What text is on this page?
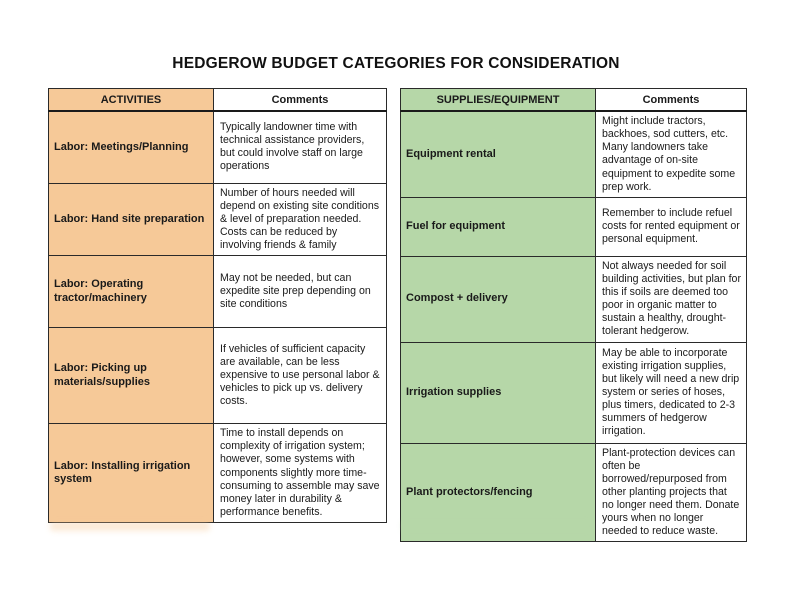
HEDGEROW BUDGET CATEGORIES FOR CONSIDERATION
ACTIVITIES	Comments
Labor: Meetings/Planning	Typically landowner time with technical assistance providers, but could involve staff on large operations
Labor: Hand site preparation	Number of hours needed will depend on existing site conditions & level of preparation needed. Costs can be reduced by involving friends & family
Labor: Operating tractor/machinery	May not be needed, but can expedite site prep depending on site conditions
Labor: Picking up materials/supplies	If vehicles of sufficient capacity are available, can be less expensive to use personal labor & vehicles to pick up vs. delivery costs.
Labor: Installing irrigation system	Time to install depends on complexity of irrigation system; however, some systems with components slightly more time-consuming to assemble may save money later in durability & performance benefits.
SUPPLIES/EQUIPMENT	Comments
Equipment rental	Might include tractors, backhoes, sod cutters, etc. Many landowners take advantage of on-site equipment to expedite some prep work.
Fuel for equipment	Remember to include refuel costs for rented equipment or personal equipment.
Compost + delivery	Not always needed for soil building activities, but plan for this if soils are deemed too poor in organic matter to sustain a healthy, drought-tolerant hedgerow.
Irrigation supplies	May be able to incorporate existing irrigation supplies, but likely will need a new drip system or series of hoses, plus timers, dedicated to 2-3 summers of hedgerow irrigation.
Plant protectors/fencing	Plant-protection devices can often be borrowed/repurposed from other planting projects that no longer need them. Donate yours when no longer needed to reduce waste.
